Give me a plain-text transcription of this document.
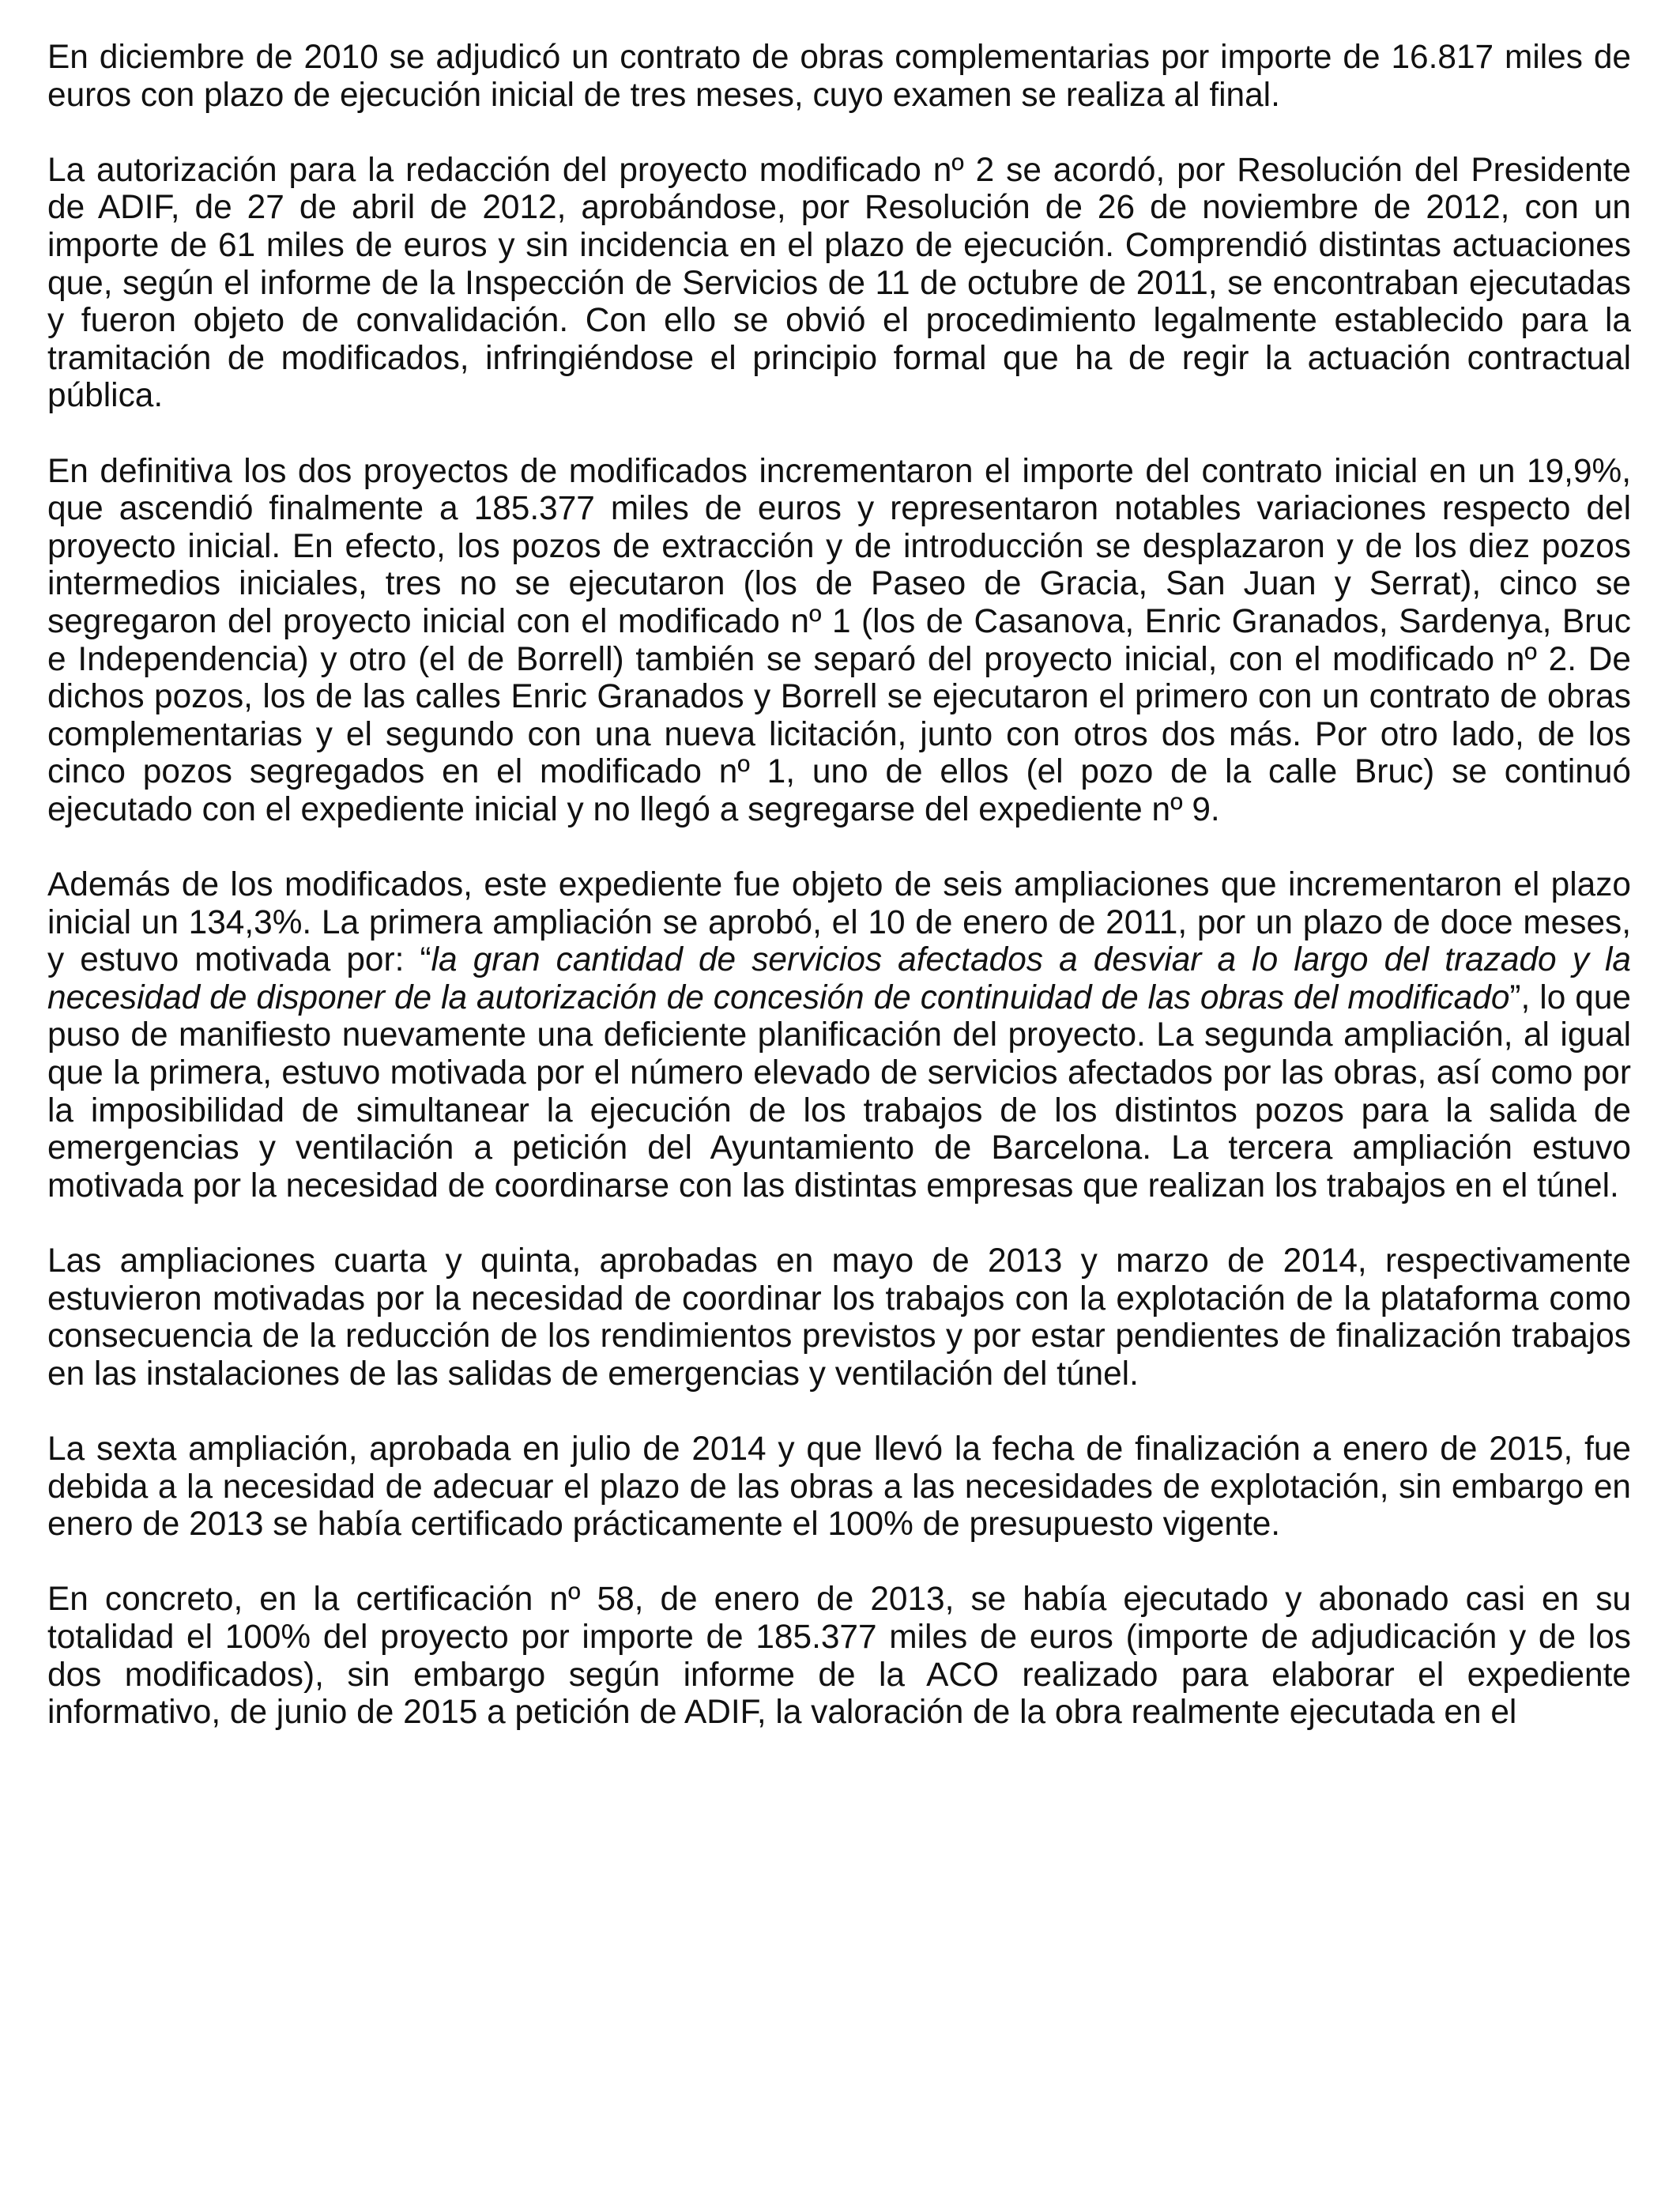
En diciembre de 2010 se adjudicó un contrato de obras complementarias por importe de 16.817 miles de euros con plazo de ejecución inicial de tres meses, cuyo examen se realiza al final.

La autorización para la redacción del proyecto modificado nº 2 se acordó, por Resolución del Presidente de ADIF, de 27 de abril de 2012, aprobándose, por Resolución de 26 de noviembre de 2012, con un importe de 61 miles de euros y sin incidencia en el plazo de ejecución. Comprendió distintas actuaciones que, según el informe de la Inspección de Servicios de 11 de octubre de 2011, se encontraban ejecutadas y fueron objeto de convalidación. Con ello se obvió el procedimiento legalmente establecido para la tramitación de modificados, infringiéndose el principio formal que ha de regir la actuación contractual pública.

En definitiva los dos proyectos de modificados incrementaron el importe del contrato inicial en un 19,9%, que ascendió finalmente a 185.377 miles de euros y representaron notables variaciones respecto del proyecto inicial. En efecto, los pozos de extracción y de introducción se desplazaron y de los diez pozos intermedios iniciales, tres no se ejecutaron (los de Paseo de Gracia, San Juan y Serrat), cinco se segregaron del proyecto inicial con el modificado nº 1 (los de Casanova, Enric Granados, Sardenya, Bruc e Independencia) y otro (el de Borrell) también se separó del proyecto inicial, con el modificado nº 2. De dichos pozos, los de las calles Enric Granados y Borrell se ejecutaron el primero con un contrato de obras complementarias y el segundo con una nueva licitación, junto con otros dos más. Por otro lado, de los cinco pozos segregados en el modificado nº 1, uno de ellos (el pozo de la calle Bruc) se continuó ejecutado con el expediente inicial y no llegó a segregarse del expediente nº 9.

Además de los modificados, este expediente fue objeto de seis ampliaciones que incrementaron el plazo inicial un 134,3%. La primera ampliación se aprobó, el 10 de enero de 2011, por un plazo de doce meses, y estuvo motivada por: “la gran cantidad de servicios afectados a desviar a lo largo del trazado y la necesidad de disponer de la autorización de concesión de continuidad de las obras del modificado”, lo que puso de manifiesto nuevamente una deficiente planificación del proyecto. La segunda ampliación, al igual que la primera, estuvo motivada por el número elevado de servicios afectados por las obras, así como por la imposibilidad de simultanear la ejecución de los trabajos de los distintos pozos para la salida de emergencias y ventilación a petición del Ayuntamiento de Barcelona. La tercera ampliación estuvo motivada por la necesidad de coordinarse con las distintas empresas que realizan los trabajos en el túnel.

Las ampliaciones cuarta y quinta, aprobadas en mayo de 2013 y marzo de 2014, respectivamente estuvieron motivadas por la necesidad de coordinar los trabajos con la explotación de la plataforma como consecuencia de la reducción de los rendimientos previstos y por estar pendientes de finalización trabajos en las instalaciones de las salidas de emergencias y ventilación del túnel.

La sexta ampliación, aprobada en julio de 2014 y que llevó la fecha de finalización a enero de 2015, fue debida a la necesidad de adecuar el plazo de las obras a las necesidades de explotación, sin embargo en enero de 2013 se había certificado prácticamente el 100% de presupuesto vigente.

En concreto, en la certificación nº 58, de enero de 2013, se había ejecutado y abonado casi en su totalidad el 100% del proyecto por importe de 185.377 miles de euros (importe de adjudicación y de los dos modificados), sin embargo según informe de la ACO realizado para elaborar el expediente informativo, de junio de 2015 a petición de ADIF, la valoración de la obra realmente ejecutada en el
